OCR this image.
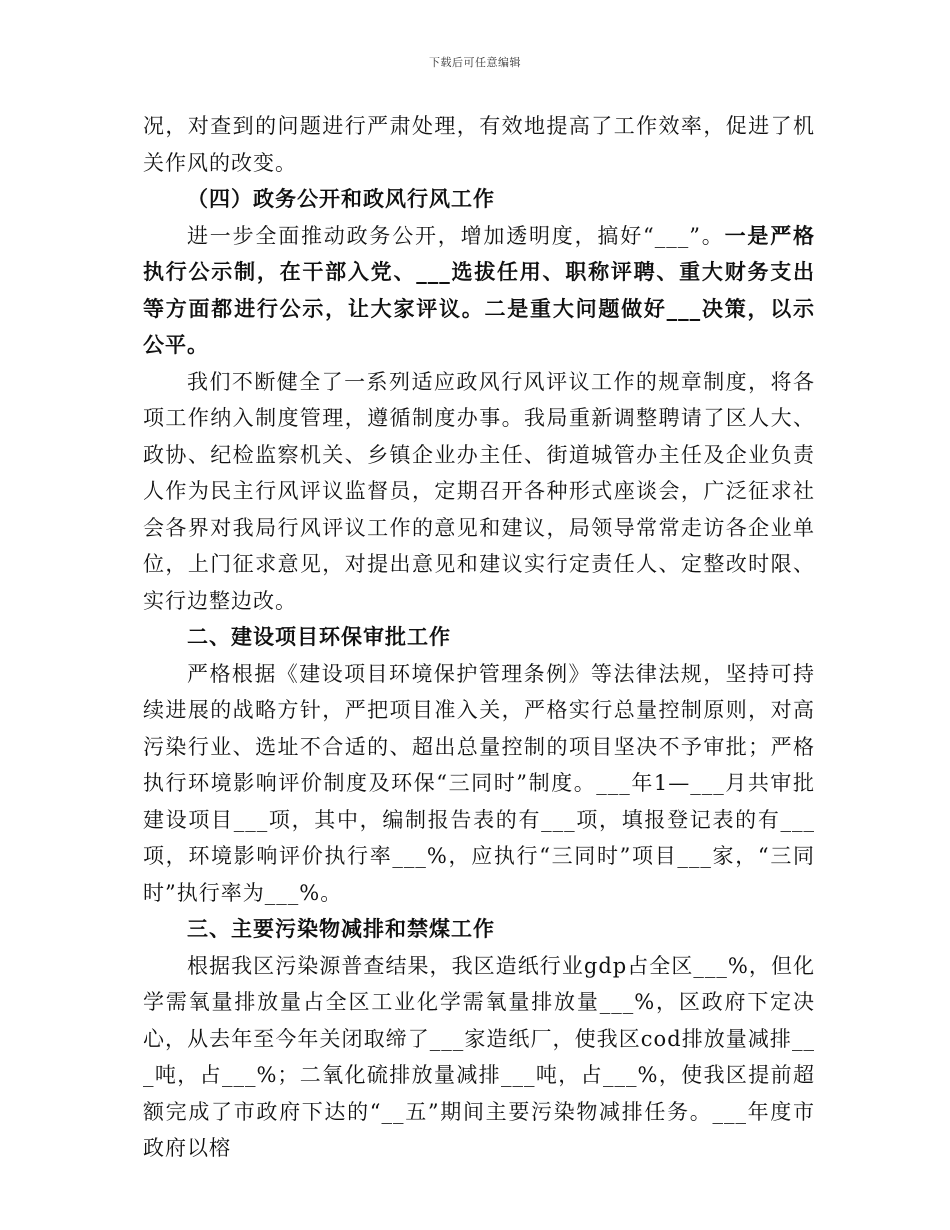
下载后可任意编辑

况，对查到的问题进行严肃处理，有效地提高了工作效率，促进了机关作风的改变。

（四）政务公开和政风行风工作

进一步全面推动政务公开，增加透明度，搞好“___”。一是严格执行公示制，在干部入党、___选拔任用、职称评聘、重大财务支出等方面都进行公示，让大家评议。二是重大问题做好___决策，以示公平。

我们不断健全了一系列适应政风行风评议工作的规章制度，将各项工作纳入制度管理，遵循制度办事。我局重新调整聘请了区人大、政协、纪检监察机关、乡镇企业办主任、街道城管办主任及企业负责人作为民主行风评议监督员，定期召开各种形式座谈会，广泛征求社会各界对我局行风评议工作的意见和建议，局领导常常走访各企业单位，上门征求意见，对提出意见和建议实行定责任人、定整改时限、实行边整边改。

二、建设项目环保审批工作

严格根据《建设项目环境保护管理条例》等法律法规，坚持可持续进展的战略方针，严把项目准入关，严格实行总量控制原则，对高污染行业、选址不合适的、超出总量控制的项目坚决不予审批；严格执行环境影响评价制度及环保“三同时”制度。___年1—___月共审批建设项目___项，其中，编制报告表的有___项，填报登记表的有___项，环境影响评价执行率___%，应执行“三同时”项目___家，“三同时”执行率为___%。

三、主要污染物减排和禁煤工作

根据我区污染源普查结果，我区造纸行业gdp占全区___%，但化学需氧量排放量占全区工业化学需氧量排放量___%，区政府下定决心，从去年至今年关闭取缔了___家造纸厂，使我区cod排放量减排___吨，占___%；二氧化硫排放量减排___吨，占___%，使我区提前超额完成了市政府下达的“__五”期间主要污染物减排任务。___年度市政府以榕
